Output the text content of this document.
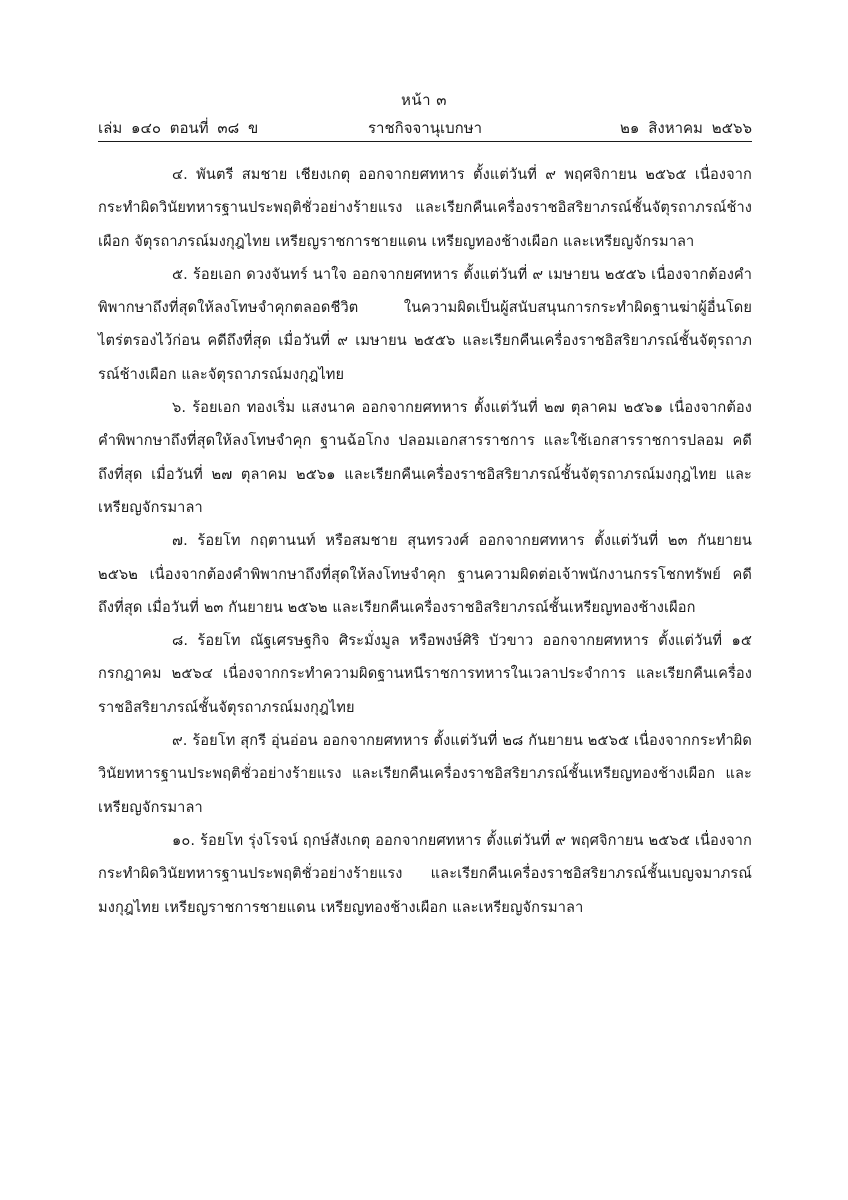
หน้า ๓
เล่ม ๑๔๐ ตอนที่ ๓๘ ข	ราชกิจจานุเบกษา	๒๑ สิงหาคม ๒๕๖๖

๔. พันตรี สมชาย เชียงเกตุ ออกจากยศทหาร ตั้งแต่วันที่ ๙ พฤศจิกายน ๒๕๖๕ เนื่องจากกระทำผิดวินัยทหารฐานประพฤติชั่วอย่างร้ายแรง และเรียกคืนเครื่องราชอิสริยาภรณ์ชั้นจัตุรถาภรณ์ช้างเผือก จัตุรถาภรณ์มงกุฎไทย เหรียญราชการชายแดน เหรียญทองช้างเผือก และเหรียญจักรมาลา

๕. ร้อยเอก ดวงจันทร์ นาใจ ออกจากยศทหาร ตั้งแต่วันที่ ๙ เมษายน ๒๕๕๖ เนื่องจากต้องคำพิพากษาถึงที่สุดให้ลงโทษจำคุกตลอดชีวิต ในความผิดเป็นผู้สนับสนุนการกระทำผิดฐานฆ่าผู้อื่นโดยไตร่ตรองไว้ก่อน คดีถึงที่สุด เมื่อวันที่ ๙ เมษายน ๒๕๕๖ และเรียกคืนเครื่องราชอิสริยาภรณ์ชั้นจัตุรถาภรณ์ช้างเผือก และจัตุรถาภรณ์มงกุฎไทย

๖. ร้อยเอก ทองเริ่ม แสงนาค ออกจากยศทหาร ตั้งแต่วันที่ ๒๗ ตุลาคม ๒๕๖๑ เนื่องจากต้องคำพิพากษาถึงที่สุดให้ลงโทษจำคุก ฐานฉ้อโกง ปลอมเอกสารราชการ และใช้เอกสารราชการปลอม คดีถึงที่สุด เมื่อวันที่ ๒๗ ตุลาคม ๒๕๖๑ และเรียกคืนเครื่องราชอิสริยาภรณ์ชั้นจัตุรถาภรณ์มงกุฎไทย และเหรียญจักรมาลา

๗. ร้อยโท กฤตานนท์ หรือสมชาย สุนทรวงศ์ ออกจากยศทหาร ตั้งแต่วันที่ ๒๓ กันยายน ๒๕๖๒ เนื่องจากต้องคำพิพากษาถึงที่สุดให้ลงโทษจำคุก ฐานความผิดต่อเจ้าพนักงานกรรโชกทรัพย์ คดีถึงที่สุด เมื่อวันที่ ๒๓ กันยายน ๒๕๖๒ และเรียกคืนเครื่องราชอิสริยาภรณ์ชั้นเหรียญทองช้างเผือก

๘. ร้อยโท ณัฐเศรษฐกิจ ศิระมั่งมูล หรือพงษ์ศิริ บัวขาว ออกจากยศทหาร ตั้งแต่วันที่ ๑๕ กรกฎาคม ๒๕๖๔ เนื่องจากกระทำความผิดฐานหนีราชการทหารในเวลาประจำการ และเรียกคืนเครื่องราชอิสริยาภรณ์ชั้นจัตุรถาภรณ์มงกุฎไทย

๙. ร้อยโท สุกรี อุ่นอ่อน ออกจากยศทหาร ตั้งแต่วันที่ ๒๘ กันยายน ๒๕๖๕ เนื่องจากกระทำผิดวินัยทหารฐานประพฤติชั่วอย่างร้ายแรง และเรียกคืนเครื่องราชอิสริยาภรณ์ชั้นเหรียญทองช้างเผือก และเหรียญจักรมาลา

๑๐. ร้อยโท รุ่งโรจน์ ฤกษ์สังเกตุ ออกจากยศทหาร ตั้งแต่วันที่ ๙ พฤศจิกายน ๒๕๖๕ เนื่องจากกระทำผิดวินัยทหารฐานประพฤติชั่วอย่างร้ายแรง และเรียกคืนเครื่องราชอิสริยาภรณ์ชั้นเบญจมาภรณ์มงกุฎไทย เหรียญราชการชายแดน เหรียญทองช้างเผือก และเหรียญจักรมาลา
